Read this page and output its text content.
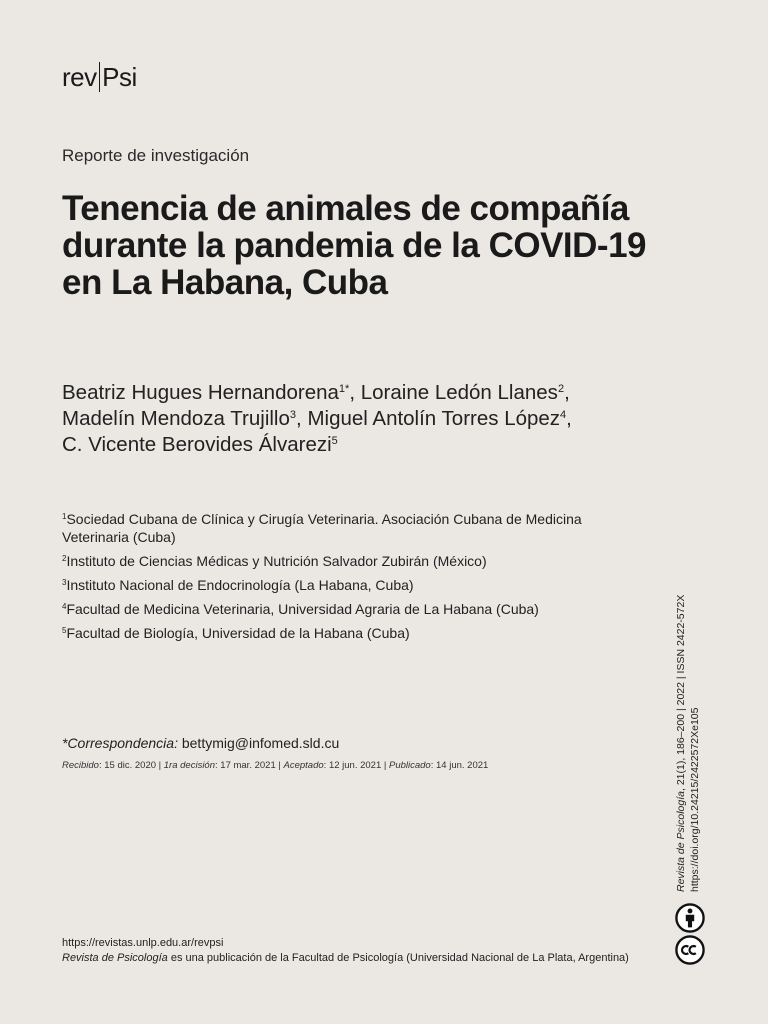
rev Psi
Reporte de investigación
Tenencia de animales de compañía durante la pandemia de la COVID-19 en La Habana, Cuba
Beatriz Hugues Hernandorena$^{1*}$, Loraine Ledón Llanes$^2$,
Madelín Mendoza Trujillo$^3$, Miguel Antolín Torres López$^4$,
C. Vicente Berovides Álvarezi$^5$
$^1$Sociedad Cubana de Clínica y Cirugía Veterinaria. Asociación Cubana de Medicina Veterinaria (Cuba)
$^2$Instituto de Ciencias Médicas y Nutrición Salvador Zubirán (México)
$^3$Instituto Nacional de Endocrinología (La Habana, Cuba)
$^4$Facultad de Medicina Veterinaria, Universidad Agraria de La Habana (Cuba)
$^5$Facultad de Biología, Universidad de la Habana (Cuba)
*Correspondencia: bettymig@infomed.sld.cu
Recibido: 15 dic. 2020 | 1ra decisión: 17 mar. 2021 | Aceptado: 12 jun. 2021 | Publicado: 14 jun. 2021
https://revistas.unlp.edu.ar/revpsi
Revista de Psicología es una publicación de la Facultad de Psicología (Universidad Nacional de La Plata, Argentina)
Revista de Psicología, 21(1), 186–200 | 2022 | ISSN 2422-572X
https://doi.org/10.24215/2422572Xe105
